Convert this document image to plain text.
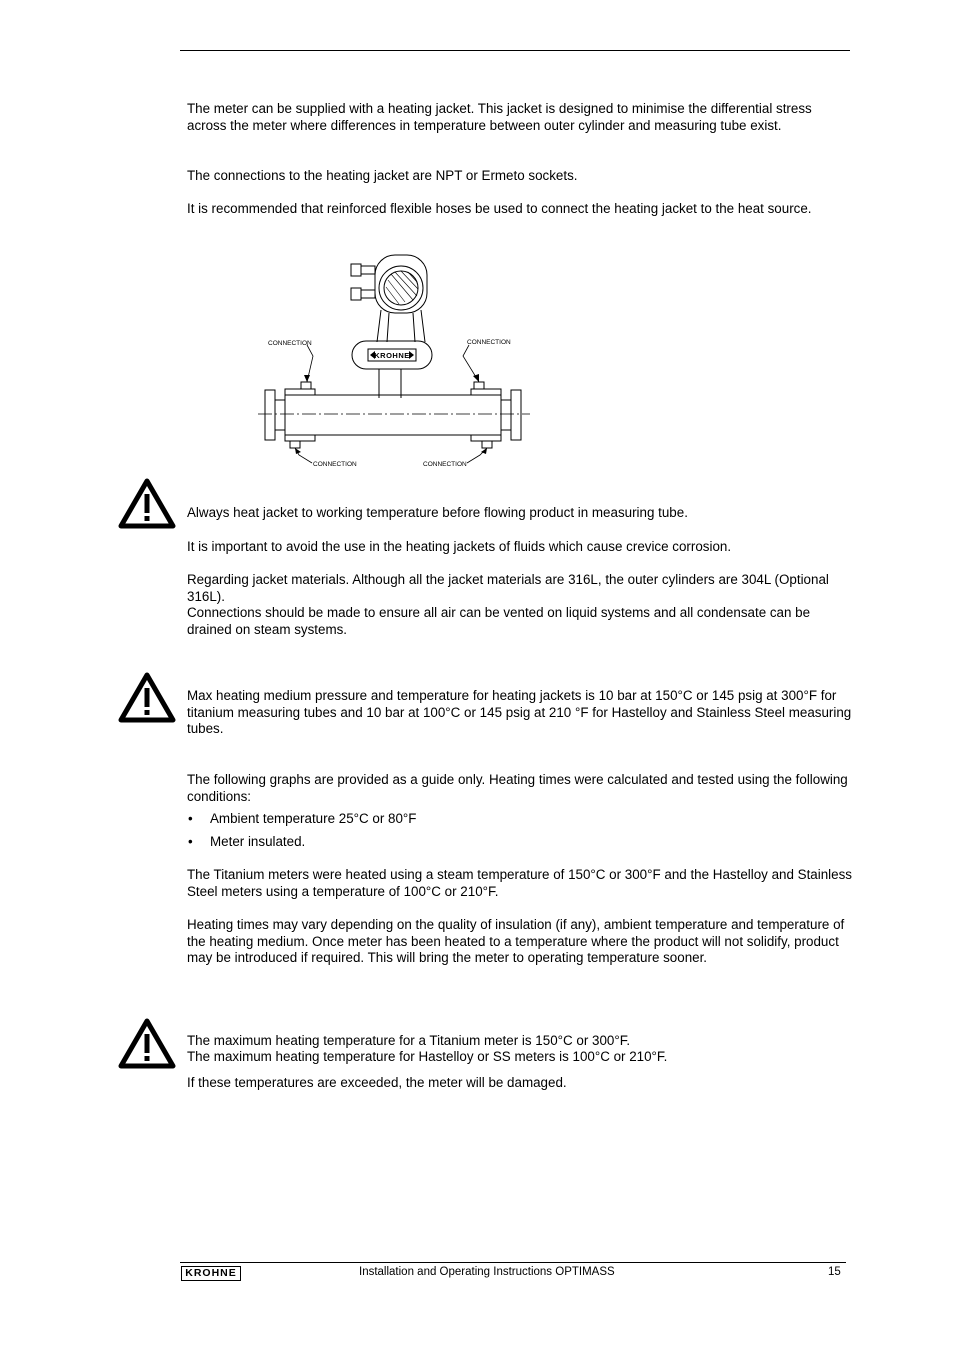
The meter can be supplied with a heating jacket. This jacket is designed to minimise the differential stress across the meter where differences in temperature between outer cylinder and measuring tube exist.

The connections to the heating jacket are NPT or Ermeto sockets.

It is recommended that reinforced flexible hoses be used to connect the heating jacket to the heat source.

CONNECTION	CONNECTION
CONNECTION	CONNECTION
KROHNE

Always heat jacket to working temperature before flowing product in measuring tube.

It is important to avoid the use in the heating jackets of fluids which cause crevice corrosion.

Regarding jacket materials. Although all the jacket materials are 316L, the outer cylinders are 304L (Optional 316L).

Connections should be made to ensure all air can be vented on liquid systems and all condensate can be drained on steam systems.

Max heating medium pressure and temperature for heating jackets is 10 bar at 150°C or 145 psig at 300°F for titanium measuring tubes and 10 bar at 100°C or 145 psig at 210 °F for Hastelloy and Stainless Steel measuring tubes.

The following graphs are provided as a guide only. Heating times were calculated and tested using the following conditions:

• Ambient temperature 25°C or 80°F
• Meter insulated.

The Titanium meters were heated using a steam temperature of 150°C or 300°F and the Hastelloy and Stainless Steel meters using a temperature of 100°C or 210°F.

Heating times may vary depending on the quality of insulation (if any), ambient temperature and temperature of the heating medium. Once meter has been heated to a temperature where the product will not solidify, product may be introduced if required. This will bring the meter to operating temperature sooner.

The maximum heating temperature for a Titanium meter is 150°C or 300°F.

The maximum heating temperature for Hastelloy or SS meters is 100°C or 210°F.

If these temperatures are exceeded, the meter will be damaged.

KROHNE	Installation and Operating Instructions OPTIMASS	15
